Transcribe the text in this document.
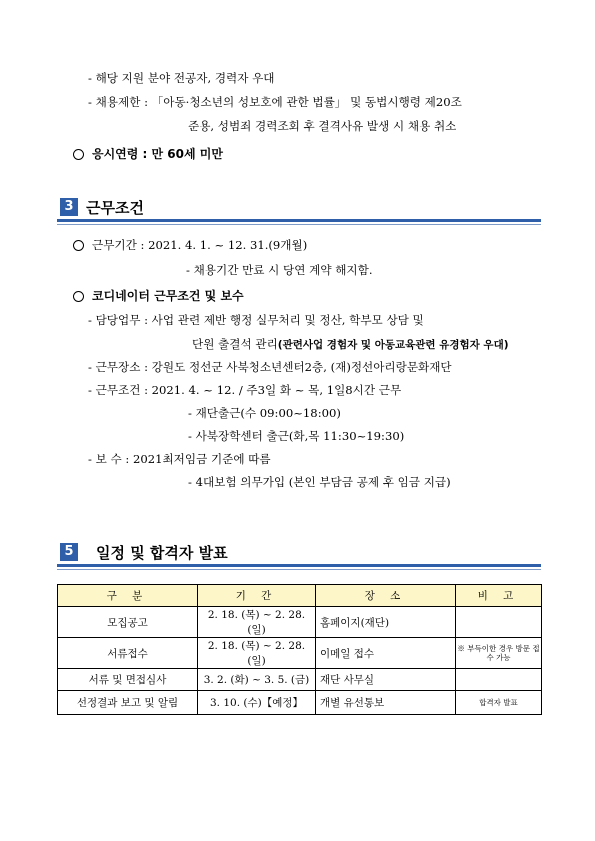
- 해당 지원 분야 전공자, 경력자 우대
- 채용제한 : 「아동·청소년의 성보호에 관한 법률」 및 동법시행령 제20조
준용, 성범죄 경력조회 후 결격사유 발생 시 채용 취소
응시연령 : 만 60세 미만
3 근무조건
근무기간 : 2021. 4. 1. ~ 12. 31.(9개월)
- 채용기간 만료 시 당연 계약 해지함.
코디네이터 근무조건 및 보수
- 담당업무 : 사업 관련 제반 행정 실무처리 및 정산, 학부모 상담 및
단원 출결석 관리(관련사업 경험자 및 아동교육관련 유경험자 우대)
- 근무장소 : 강원도 정선군 사북청소년센터2층, (재)정선아리랑문화재단
- 근무조건 : 2021. 4. ~ 12. / 주3일 화 ~ 목, 1일8시간 근무
- 재단출근(수 09:00~18:00)
- 사북장학센터 출근(화,목 11:30~19:30)
- 보 수 : 2021최저임금 기준에 따름
- 4대보험 의무가입 (본인 부담금 공제 후 임금 지급)
5 일정 및 합격자 발표
구 분	기 간	장 소	비 고
모집공고	2. 18. (목) ~ 2. 28. (일)	홈페이지(재단)	
서류접수	2. 18. (목) ~ 2. 28. (일)	이메일 접수	※ 부득이한 경우 방문 접수 가능
서류 및 면접심사	3. 2. (화) ~ 3. 5. (금)	재단 사무실	
선정결과 보고 및 알림	3. 10. (수)【예정】	개별 유선통보	합격자 발표
